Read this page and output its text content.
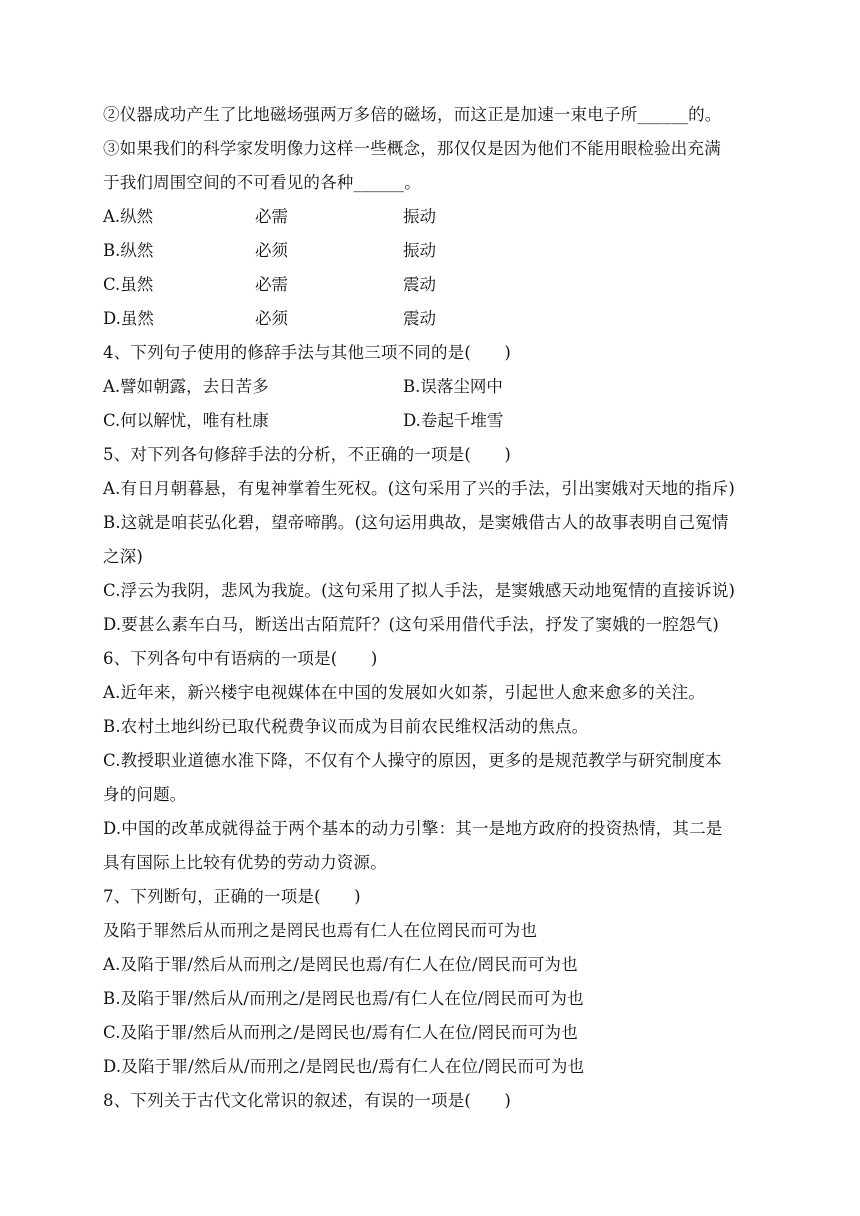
②仪器成功产生了比地磁场强两万多倍的磁场，而这正是加速一束电子所______的。
③如果我们的科学家发明像力这样一些概念，那仅仅是因为他们不能用眼检验出充满
于我们周围空间的不可看见的各种______。
A.纵然	必需	振动
B.纵然	必须	振动
C.虽然	必需	震动
D.虽然	必须	震动
4、下列句子使用的修辞手法与其他三项不同的是(　　)
A.譬如朝露，去日苦多	B.误落尘网中
C.何以解忧，唯有杜康	D.卷起千堆雪
5、对下列各句修辞手法的分析，不正确的一项是(　　)
A.有日月朝暮悬，有鬼神掌着生死权。(这句采用了兴的手法，引出窦娥对天地的指斥)
B.这就是咱苌弘化碧，望帝啼鹃。(这句运用典故，是窦娥借古人的故事表明自己冤情
之深)
C.浮云为我阴，悲风为我旋。(这句采用了拟人手法，是窦娥感天动地冤情的直接诉说)
D.要甚么素车白马，断送出古陌荒阡？(这句采用借代手法，抒发了窦娥的一腔怨气)
6、下列各句中有语病的一项是(　　)
A.近年来，新兴楼宇电视媒体在中国的发展如火如荼，引起世人愈来愈多的关注。
B.农村土地纠纷已取代税费争议而成为目前农民维权活动的焦点。
C.教授职业道德水准下降，不仅有个人操守的原因，更多的是规范教学与研究制度本
身的问题。
D.中国的改革成就得益于两个基本的动力引擎：其一是地方政府的投资热情，其二是
具有国际上比较有优势的劳动力资源。
7、下列断句，正确的一项是(　　)
及陷于罪然后从而刑之是罔民也焉有仁人在位罔民而可为也
A.及陷于罪/然后从而刑之/是罔民也焉/有仁人在位/罔民而可为也
B.及陷于罪/然后从/而刑之/是罔民也焉/有仁人在位/罔民而可为也
C.及陷于罪/然后从而刑之/是罔民也/焉有仁人在位/罔民而可为也
D.及陷于罪/然后从/而刑之/是罔民也/焉有仁人在位/罔民而可为也
8、下列关于古代文化常识的叙述，有误的一项是(　　)
